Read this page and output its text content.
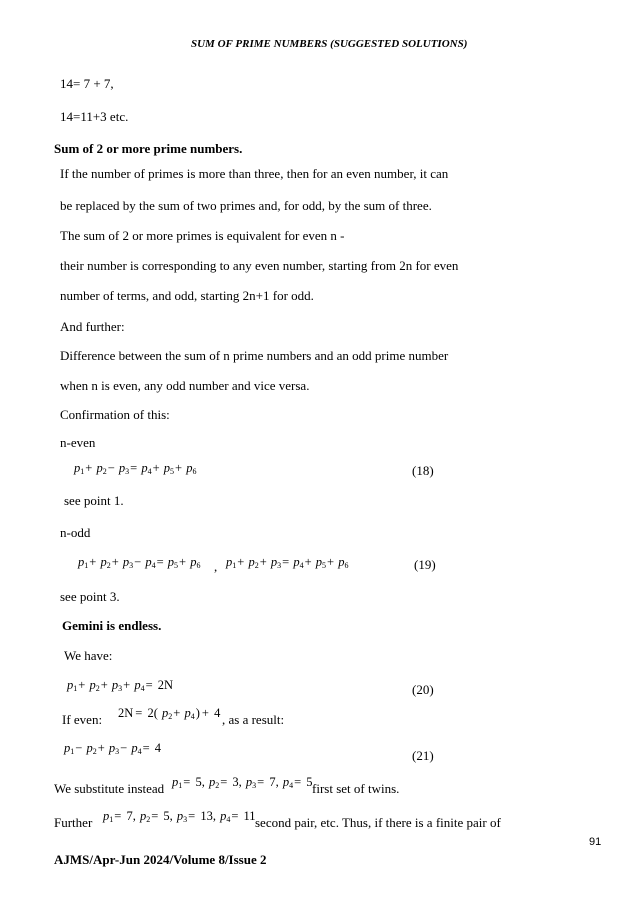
SUM OF PRIME NUMBERS (SUGGESTED SOLUTIONS)
14= 7 + 7,
14=11+3 etc.
Sum of 2 or more prime numbers.
If the number of primes is more than three, then for an even number, it can
be replaced by the sum of two primes and, for odd, by the sum of three.
The sum of 2 or more primes is equivalent for even n -
their number is corresponding to any even number, starting from 2n for even
number of terms, and odd, starting 2n+1 for odd.
And further:
Difference between the sum of n prime numbers and an odd prime number
when n is even, any odd number and vice versa.
Confirmation of this:
n-even
$p_1+ p_2- p_3= p_4+ p_5+ p_6$	(18)
see point 1.
n-odd
$p_1+ p_2+ p_3- p_4= p_5+ p_6$ , $p_1+ p_2+ p_3= p_4+ p_5+ p_6$	(19)
see point 3.
Gemini is endless.
We have:
$p_1+ p_2+ p_3+ p_4= 2N$	(20)
If even: 2N = 2( $p_2+ p_4) + 4$ , as a result:
$p_1- p_2+ p_3- p_4= 4$	(21)
We substitute instead $p_1= 5$, $p_2= 3$, $p_3= 7$, $p_4= 5$ first set of twins.
Further $p_1= 7$, $p_2= 5$, $p_3= 13$, $p_4= 11$ second pair, etc. Thus, if there is a finite pair of
91
AJMS/Apr-Jun 2024/Volume 8/Issue 2
